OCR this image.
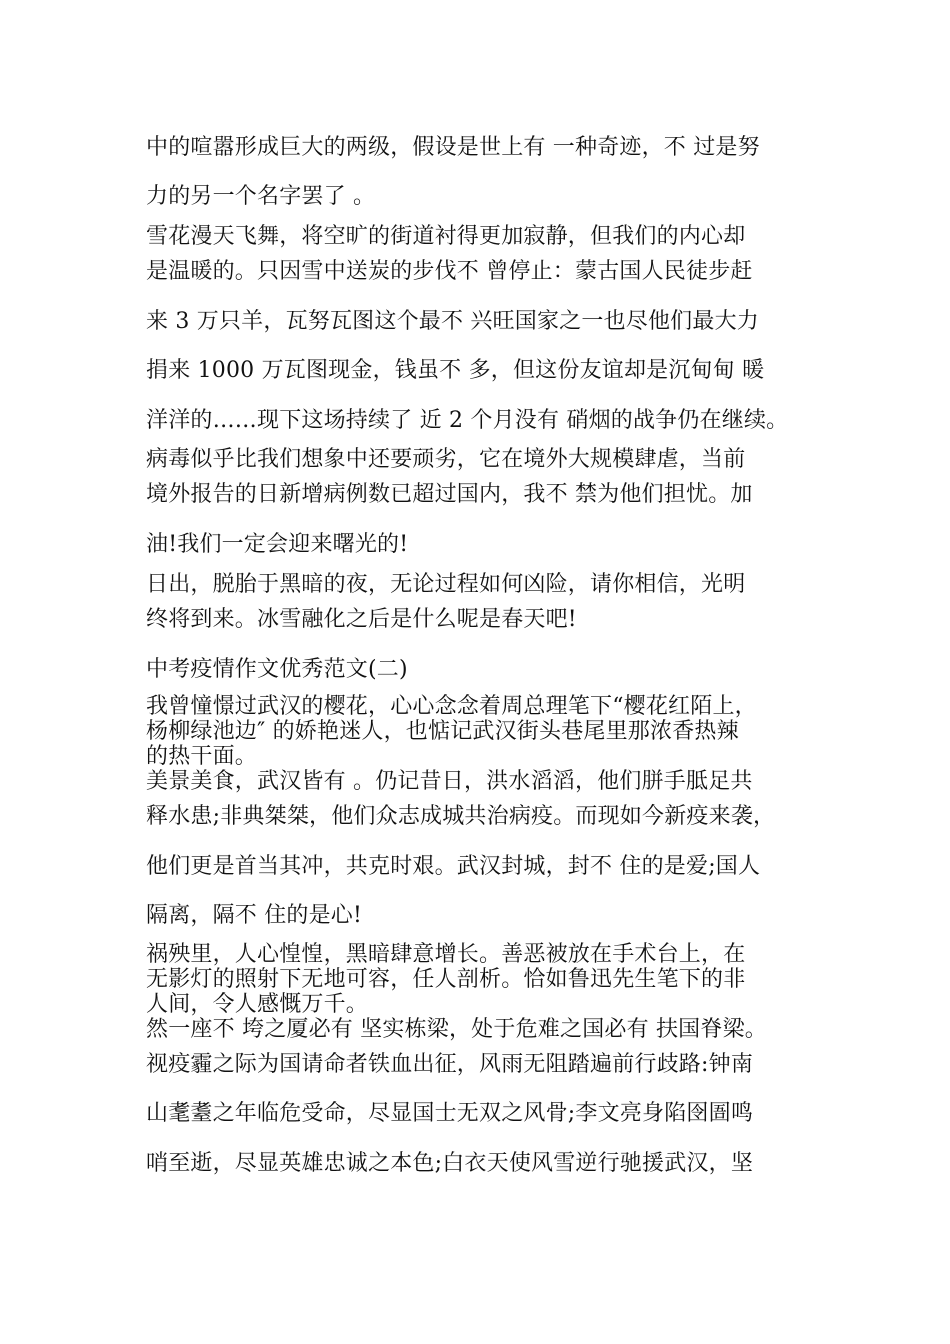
中的喧嚣形成巨大的两级，假设是世上有 一种奇迹，不 过是努
力的另一个名字罢了 。
雪花漫天飞舞，将空旷的街道衬得更加寂静，但我们的内心却
是温暖的。只因雪中送炭的步伐不 曾停止：蒙古国人民徒步赶
来 3 万只羊，瓦努瓦图这个最不 兴旺国家之一也尽他们最大力
捐来 1000 万瓦图现金，钱虽不 多，但这份友谊却是沉甸甸 暖
洋洋的……现下这场持续了 近 2 个月没有 硝烟的战争仍在继续。
病毒似乎比我们想象中还要顽劣，它在境外大规模肆虐，当前
境外报告的日新增病例数已超过国内，我不 禁为他们担忧。加
油!我们一定会迎来曙光的!
日出，脱胎于黑暗的夜，无论过程如何凶险，请你相信，光明
终将到来。冰雪融化之后是什么呢是春天吧!
中考疫情作文优秀范文(二)
我曾憧憬过武汉的樱花，心心念念着周总理笔下“樱花红陌上，
杨柳绿池边″ 的娇艳迷人，也惦记武汉街头巷尾里那浓香热辣
的热干面。
美景美食，武汉皆有 。仍记昔日，洪水滔滔，他们胼手胝足共
释水患;非典桀桀，他们众志成城共治病疫。而现如今新疫来袭，
他们更是首当其冲，共克时艰。武汉封城，封不 住的是爱;国人
隔离，隔不 住的是心!
祸殃里，人心惶惶，黑暗肆意增长。善恶被放在手术台上，在
无影灯的照射下无地可容，任人剖析。恰如鲁迅先生笔下的非
人间，令人感慨万千。
然一座不 垮之厦必有 坚实栋梁，处于危难之国必有 扶国脊梁。
视疫霾之际为国请命者铁血出征，风雨无阻踏遍前行歧路:钟南
山耄耋之年临危受命，尽显国士无双之风骨;李文亮身陷囹圄鸣
哨至逝，尽显英雄忠诚之本色;白衣天使风雪逆行驰援武汉，坚
